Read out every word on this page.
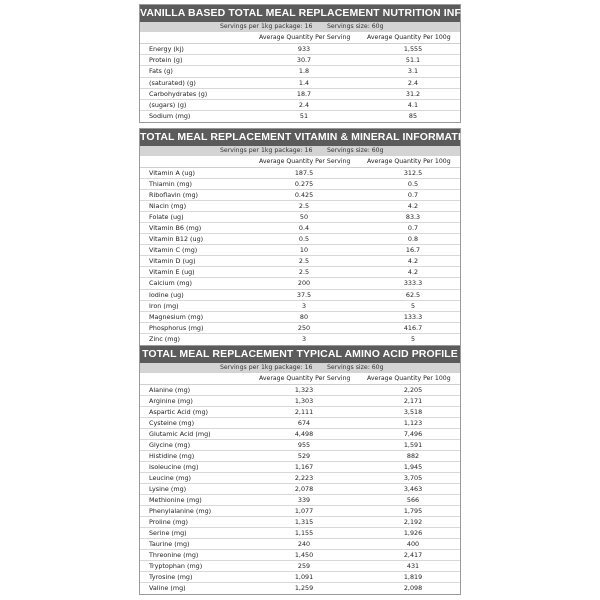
VANILLA BASED TOTAL MEAL REPLACEMENT NUTRITION INFORMATION
Servings per 1kg package: 16 Servings size: 60g
Average Quantity Per Serving	Average Quantity Per 100g
Energy (kj)	933	1,555
Protein (g)	30.7	51.1
Fats (g)	1.8	3.1
(saturated) (g)	1.4	2.4
Carbohydrates (g)	18.7	31.2
(sugars) (g)	2.4	4.1
Sodium (mg)	51	85
TOTAL MEAL REPLACEMENT VITAMIN & MINERAL INFORMATION
Servings per 1kg package: 16 Servings size: 60g
Average Quantity Per Serving	Average Quantity Per 100g
Vitamin A (ug)	187.5	312.5
Thiamin (mg)	0.275	0.5
Riboflavin (mg)	0.425	0.7
Niacin (mg)	2.5	4.2
Folate (ug)	50	83.3
Vitamin B6 (mg)	0.4	0.7
Vitamin B12 (ug)	0.5	0.8
Vitamin C (mg)	10	16.7
Vitamin D (ug)	2.5	4.2
Vitamin E (ug)	2.5	4.2
Calcium (mg)	200	333.3
Iodine (ug)	37.5	62.5
Iron (mg)	3	5
Magnesium (mg)	80	133.3
Phosphorus (mg)	250	416.7
Zinc (mg)	3	5
TOTAL MEAL REPLACEMENT TYPICAL AMINO ACID PROFILE
Servings per 1kg package: 16 Servings size: 60g
Average Quantity Per Serving	Average Quantity Per 100g
Alanine (mg)	1,323	2,205
Arginine (mg)	1,303	2,171
Aspartic Acid (mg)	2,111	3,518
Cysteine (mg)	674	1,123
Glutamic Acid (mg)	4,498	7,496
Glycine (mg)	955	1,591
Histidine (mg)	529	882
Isoleucine (mg)	1,167	1,945
Leucine (mg)	2,223	3,705
Lysine (mg)	2,078	3,463
Methionine (mg)	339	566
Phenylalanine (mg)	1,077	1,795
Proline (mg)	1,315	2,192
Serine (mg)	1,155	1,926
Taurine (mg)	240	400
Threonine (mg)	1,450	2,417
Tryptophan (mg)	259	431
Tyrosine (mg)	1,091	1,819
Valine (mg)	1,259	2,098
